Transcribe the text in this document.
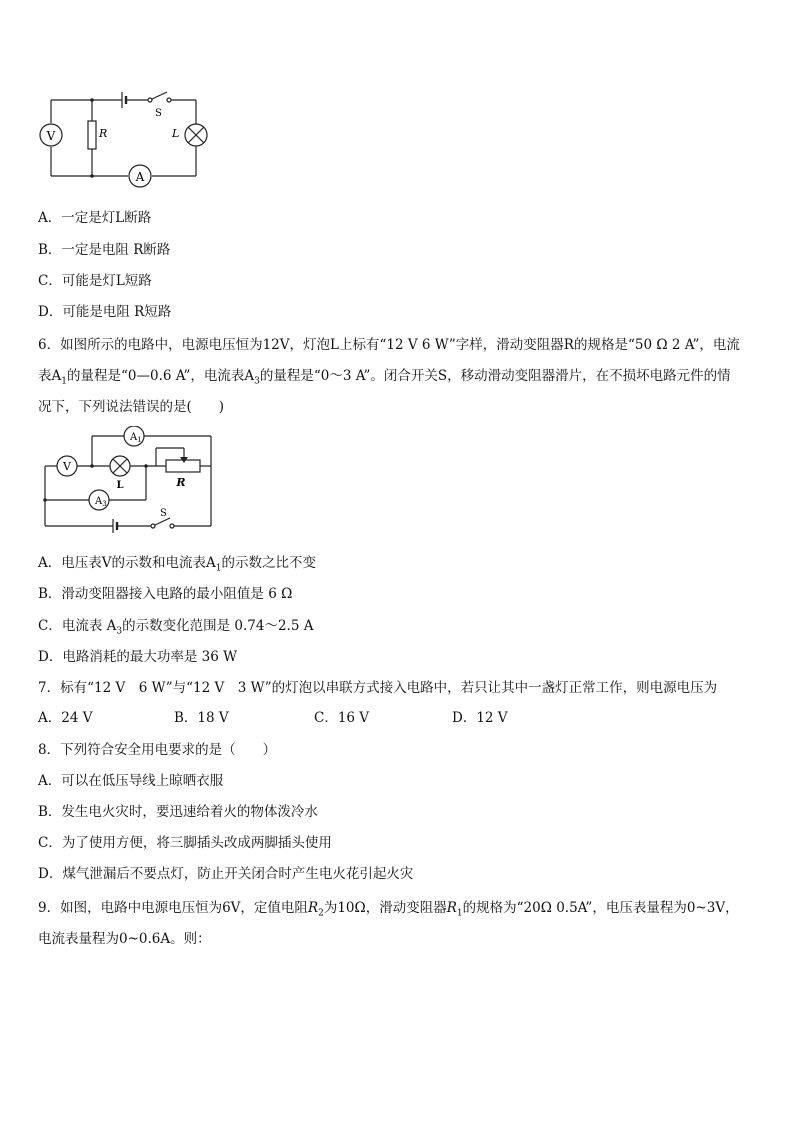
V
A
R	L
S
A．一定是灯L断路
B．一定是电阻 R断路
C．可能是灯L短路
D．可能是电阻 R短路
6．如图所示的电路中，电源电压恒为12V，灯泡L上标有“12 V 6 W”字样，滑动变阻器R的规格是“50 Ω 2 A”，电流
表$A_1$的量程是“0—0.6 A”，电流表$A_3$的量程是“0～3 A”。闭合开关S，移动滑动变阻器滑片，在不损坏电路元件的情
况下，下列说法错误的是(　　)
V
$A_1$
$A_3$
L	R
S
A．电压表V的示数和电流表$A_1$的示数之比不变
B．滑动变阻器接入电路的最小阻值是 6 Ω
C．电流表 $A_3$的示数变化范围是 0.74～2.5 A
D．电路消耗的最大功率是 36 W
7．标有“12 V　6 W”与“12 V　3 W”的灯泡以串联方式接入电路中，若只让其中一盏灯正常工作，则电源电压为
A．24 V	B．18 V	C．16 V	D．12 V
8．下列符合安全用电要求的是（　　）
A．可以在低压导线上晾晒衣服
B．发生电火灾时，要迅速给着火的物体泼冷水
C．为了使用方便，将三脚插头改成两脚插头使用
D．煤气泄漏后不要点灯，防止开关闭合时产生电火花引起火灾
9．如图，电路中电源电压恒为6V，定值电阻$R_2$为10Ω，滑动变阻器$R_1$的规格为“20Ω 0.5A”，电压表量程为0~3V，
电流表量程为0~0.6A。则：
